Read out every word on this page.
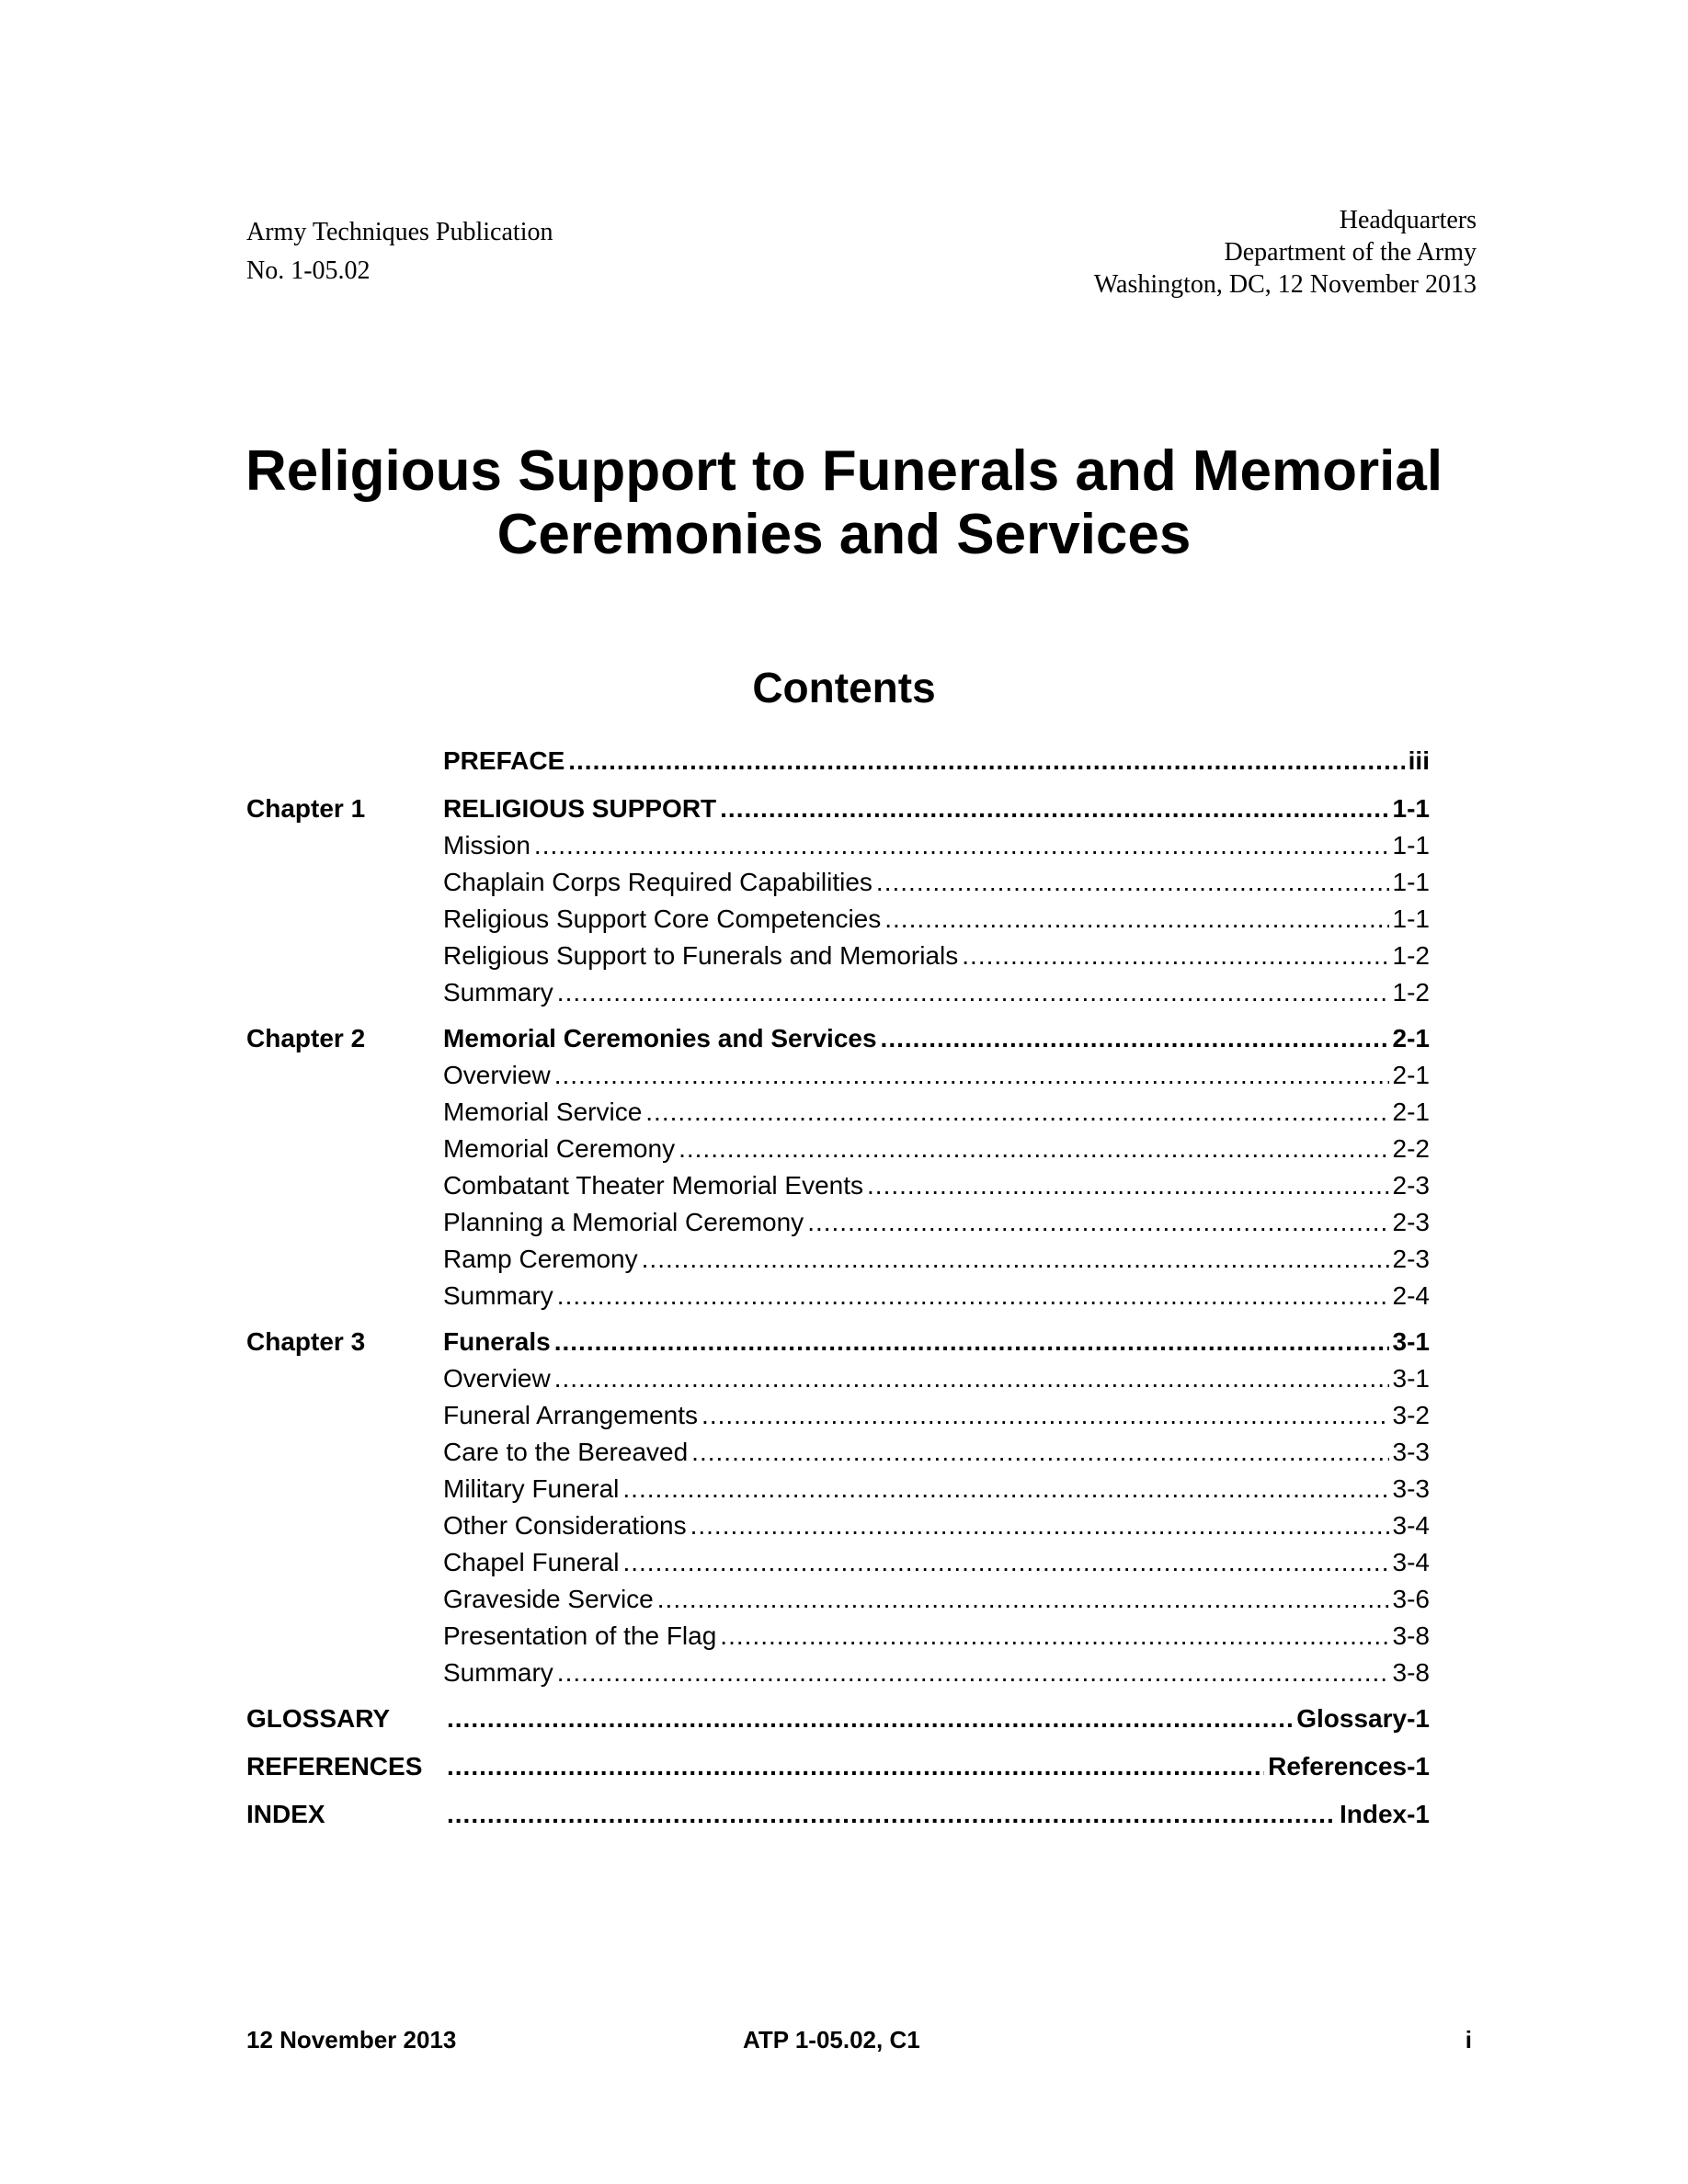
Army Techniques Publication
No. 1-05.02
Headquarters
Department of the Army
Washington, DC, 12 November 2013
Religious Support to Funerals and Memorial
Ceremonies and Services
Contents
PREFACE .....	iii
Chapter 1	RELIGIOUS SUPPORT .....	1-1
Mission .....	1-1
Chaplain Corps Required Capabilities .....	1-1
Religious Support Core Competencies .....	1-1
Religious Support to Funerals and Memorials .....	1-2
Summary .....	1-2
Chapter 2	Memorial Ceremonies and Services .....	2-1
Overview .....	2-1
Memorial Service .....	2-1
Memorial Ceremony .....	2-2
Combatant Theater Memorial Events .....	2-3
Planning a Memorial Ceremony .....	2-3
Ramp Ceremony .....	2-3
Summary .....	2-4
Chapter 3	Funerals .....	3-1
Overview .....	3-1
Funeral Arrangements .....	3-2
Care to the Bereaved .....	3-3
Military Funeral .....	3-3
Other Considerations .....	3-4
Chapel Funeral .....	3-4
Graveside Service .....	3-6
Presentation of the Flag .....	3-8
Summary .....	3-8
GLOSSARY .....	Glossary-1
REFERENCES .....	References-1
INDEX .....	Index-1
12 November 2013	ATP 1-05.02, C1	i
